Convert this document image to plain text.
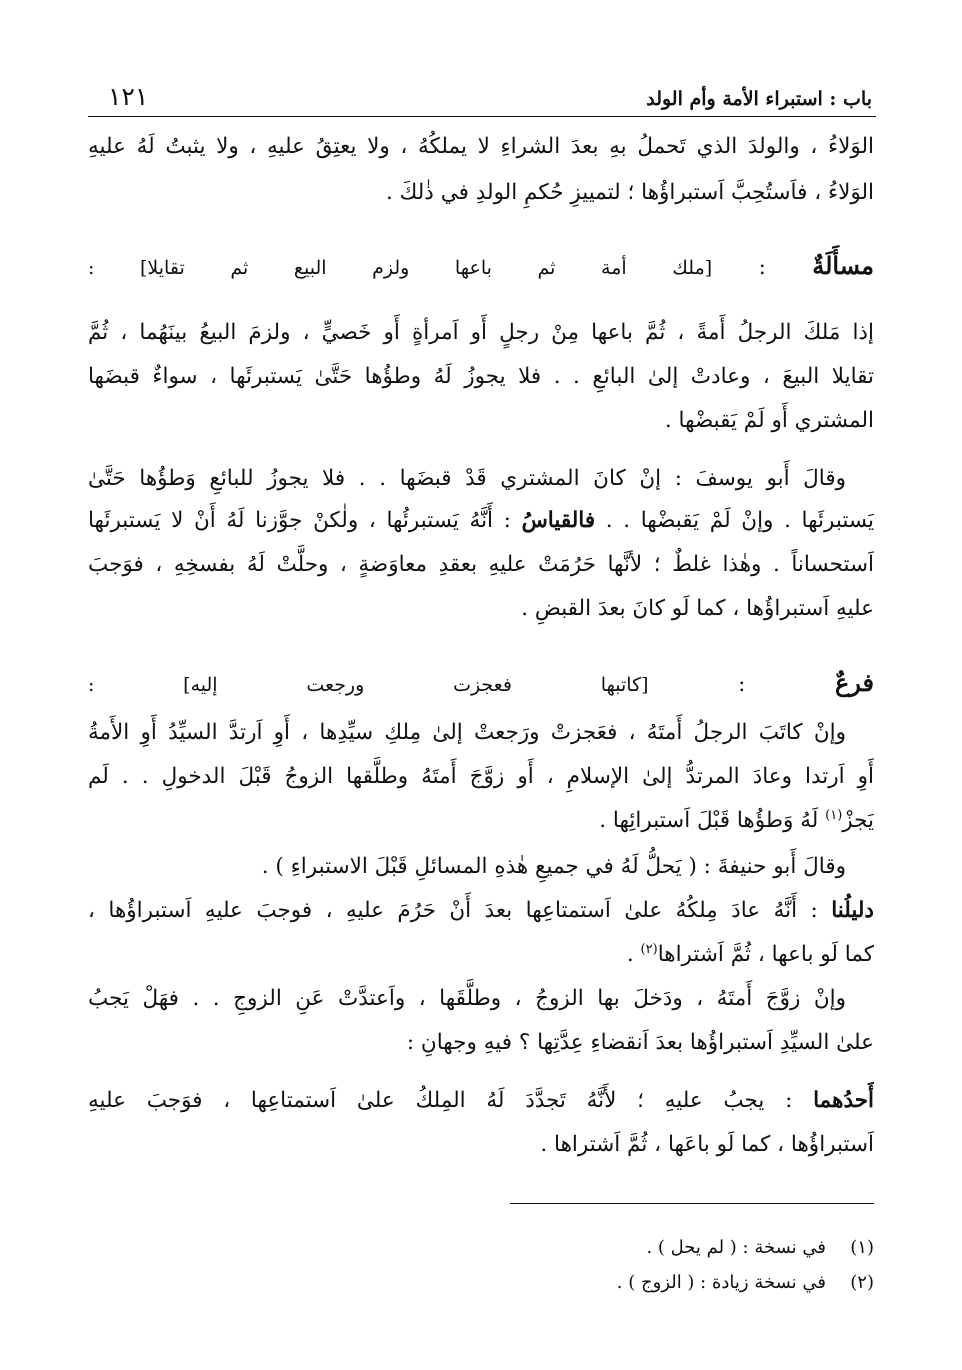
باب : استبراء الأمة وأم الولد
١٢١
الوَلاءُ ، والولدَ الذي تَحملُ بهِ بعدَ الشراءِ لا يملكُهُ ، ولا يعتِقُ عليهِ ، ولا يثبتُ لَهُ عليهِ
الوَلاءُ ، فاَستُحِبَّ اَستبراؤُها ؛ لتمييزِ حُكمِ الولدِ في ذٰلكَ .
مسأَلَةٌ : [ملك أمة ثم باعها ولزم البيع ثم تقايلا] :
إذا مَلكَ الرجلُ أَمةً ، ثُمَّ باعها مِنْ رجلٍ أَو اَمرأةٍ أَو خَصيٍّ ، ولزمَ البيعُ بينَهُما ، ثُمَّ
تقايلا البيعَ ، وعادتْ إلىٰ البائعِ . . فلا يجوزُ لَهُ وطؤُها حَتَّىٰ يَستبرئَها ، سواءٌ قبضَها
المشتري أَو لَمْ يَقبضْها .
وقالَ أَبو يوسفَ : إنْ كانَ المشتري قَدْ قبضَها . . فلا يجوزُ للبائعِ وَطؤُها حَتَّىٰ
يَستبرئَها . وإنْ لَمْ يَقبضْها . . فالقياسُ : أَنَّهُ يَستبرئُها ، ولٰكنْ جوَّزنا لَهُ أَنْ لا يَستبرئَها
اَستحساناً . وهٰذا غلطٌ ؛ لأنَّها حَرُمَتْ عليهِ بعقدِ معاوَضةٍ ، وحلَّتْ لَهُ بفسخِهِ ، فوَجبَ
عليهِ اَستبراؤُها ، كما لَو كانَ بعدَ القبضِ .
فرعٌ : [كاتبها فعجزت ورجعت إليه] :
وإنْ كاتَبَ الرجلُ أَمتَهُ ، فعَجزتْ ورَجعتْ إلىٰ مِلكِ سيِّدِها ، أَوِ اَرتدَّ السيِّدُ أَوِ الأَمةُ
أَوِ اَرتدا وعادَ المرتدُّ إلىٰ الإسلامِ ، أَو زوَّجَ أَمتَهُ وطلَّقها الزوجُ قَبْلَ الدخولِ . . لَم
يَجزْ$^{(١)}$ لَهُ وَطؤُها قَبْلَ اَستبرائِها .
وقالَ أَبو حنيفةَ : ( يَحلُّ لَهُ في جميعِ هٰذهِ المسائلِ قَبْلَ الاستبراءِ ) .
دليلُنا : أَنَّهُ عادَ مِلكُهُ علىٰ اَستمتاعِها بعدَ أَنْ حَرُمَ عليهِ ، فوجبَ عليهِ اَستبراؤُها ،
كما لَو باعها ، ثُمَّ اَشتراها$^{(٢)}$ .
وإنْ زوَّجَ أَمتَهُ ، ودَخلَ بها الزوجُ ، وطلَّقَها ، واَعتدَّتْ عَنِ الزوجِ . . فهَلْ يَجبُ
علىٰ السيِّدِ اَستبراؤُها بعدَ اَنقضاءِ عِدَّتِها ؟ فيهِ وجهانِ :
أَحدُهما : يجبُ عليهِ ؛ لأَنَّهُ تَجدَّدَ لَهُ المِلكُ علىٰ اَستمتاعِها ، فوَجبَ عليهِ
اَستبراؤُها ، كما لَو باعَها ، ثُمَّ اَشتراها .
(١)في نسخة : ( لم يحل ) .
(٢)في نسخة زيادة : ( الزوج ) .
